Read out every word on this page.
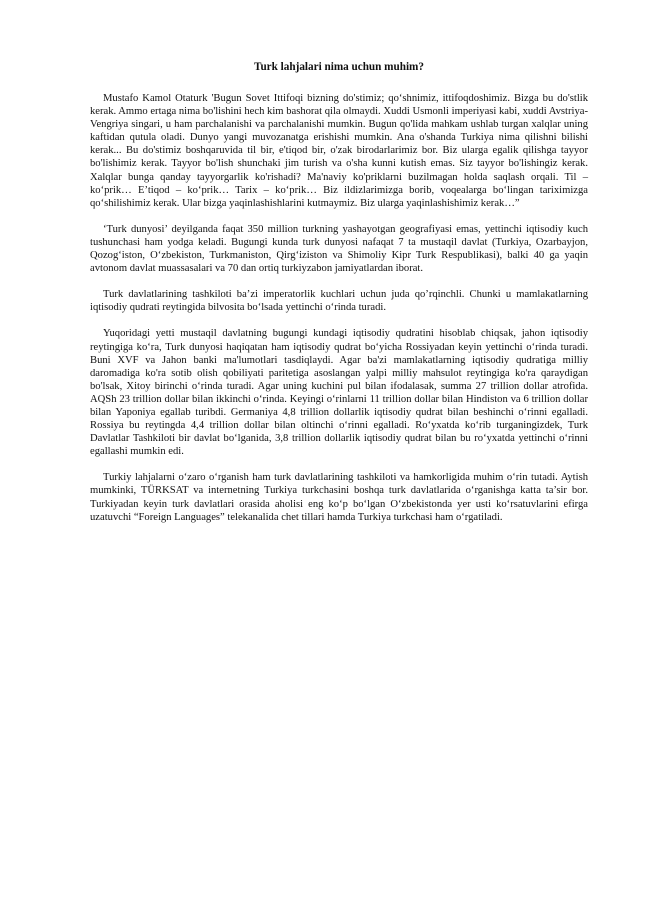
Turk lahjalari nima uchun muhim?

Mustafo Kamol Otaturk 'Bugun Sovet Ittifoqi bizning do'stimiz; qo‘shnimiz, ittifoqdoshimiz. Bizga bu do'stlik kerak. Ammo ertaga nima bo'lishini hech kim bashorat qila olmaydi. Xuddi Usmonli imperiyasi kabi, xuddi Avstriya-Vengriya singari, u ham parchalanishi va parchalanishi mumkin. Bugun qo'lida mahkam ushlab turgan xalqlar uning kaftidan qutula oladi. Dunyo yangi muvozanatga erishishi mumkin. Ana o'shanda Turkiya nima qilishni bilishi kerak... Bu do'stimiz boshqaruvida til bir, e'tiqod bir, o'zak birodarlarimiz bor. Biz ularga egalik qilishga tayyor bo'lishimiz kerak. Tayyor bo'lish shunchaki jim turish va o'sha kunni kutish emas. Siz tayyor bo'lishingiz kerak. Xalqlar bunga qanday tayyorgarlik ko'rishadi? Ma'naviy ko'priklarni buzilmagan holda saqlash orqali. Til – ko‘prik… E’tiqod – ko‘prik… Tarix – ko‘prik… Biz ildizlarimizga borib, voqealarga bo‘lingan tariximizga qo‘shilishimiz kerak. Ular bizga yaqinlashishlarini kutmaymiz. Biz ularga yaqinlashishimiz kerak…”

‘Turk dunyosi’ deyilganda faqat 350 million turkning yashayotgan geografiyasi emas, yettinchi iqtisodiy kuch tushunchasi ham yodga keladi. Bugungi kunda turk dunyosi nafaqat 7 ta mustaqil davlat (Turkiya, Ozarbayjon, Qozog‘iston, O‘zbekiston, Turkmaniston, Qirg‘iziston va Shimoliy Kipr Turk Respublikasi), balki 40 ga yaqin avtonom davlat muassasalari va 70 dan ortiq turkiyzabon jamiyatlardan iborat.

Turk davlatlarining tashkiloti ba’zi imperatorlik kuchlari uchun juda qo’rqinchli. Chunki u mamlakatlarning iqtisodiy qudrati reytingida bilvosita bo‘lsada yettinchi o‘rinda turadi.

Yuqoridagi yetti mustaqil davlatning bugungi kundagi iqtisodiy qudratini hisoblab chiqsak, jahon iqtisodiy reytingiga ko‘ra, Turk dunyosi haqiqatan ham iqtisodiy qudrat bo‘yicha Rossiyadan keyin yettinchi o‘rinda turadi. Buni XVF va Jahon banki ma'lumotlari tasdiqlaydi. Agar ba'zi mamlakatlarning iqtisodiy qudratiga milliy daromadiga ko'ra sotib olish qobiliyati paritetiga asoslangan yalpi milliy mahsulot reytingiga ko'ra qaraydigan bo'lsak, Xitoy birinchi o‘rinda turadi. Agar uning kuchini pul bilan ifodalasak, summa 27 trillion dollar atrofida. AQSh 23 trillion dollar bilan ikkinchi o‘rinda. Keyingi o‘rinlarni 11 trillion dollar bilan Hindiston va 6 trillion dollar bilan Yaponiya egallab turibdi. Germaniya 4,8 trillion dollarlik iqtisodiy qudrat bilan beshinchi o‘rinni egalladi. Rossiya bu reytingda 4,4 trillion dollar bilan oltinchi o‘rinni egalladi. Ro‘yxatda ko‘rib turganingizdek, Turk Davlatlar Tashkiloti bir davlat bo‘lganida, 3,8 trillion dollarlik iqtisodiy qudrat bilan bu ro‘yxatda yettinchi o‘rinni egallashi mumkin edi.

Turkiy lahjalarni o‘zaro o‘rganish ham turk davlatlarining tashkiloti va hamkorligida muhim o‘rin tutadi. Aytish mumkinki, TÜRKSAT va internetning Turkiya turkchasini boshqa turk davlatlarida o‘rganishga katta ta’sir bor. Turkiyadan keyin turk davlatlari orasida aholisi eng ko‘p bo‘lgan O‘zbekistonda yer usti ko‘rsatuvlarini efirga uzatuvchi “Foreign Languages” telekanalida chet tillari hamda Turkiya turkchasi ham o‘rgatiladi.
